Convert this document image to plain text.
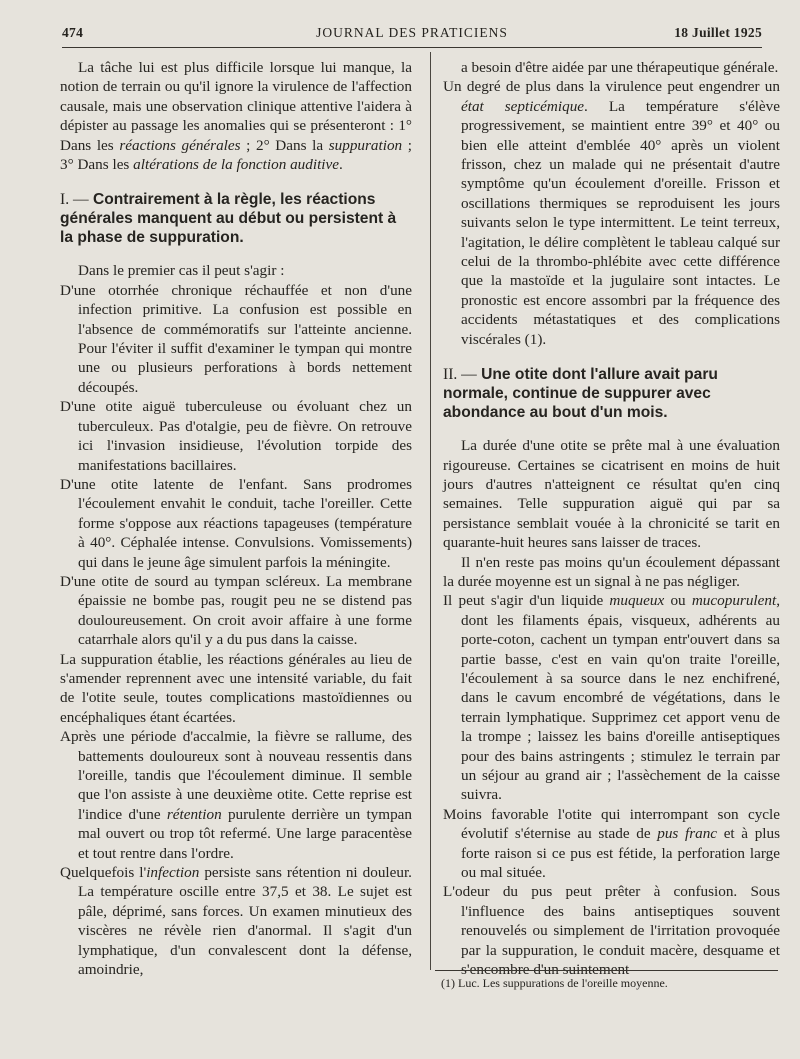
474	JOURNAL DES PRATICIENS	18 Juillet 1925

La tâche lui est plus difficile lorsque lui manque, la notion de terrain ou qu'il ignore la virulence de l'affection causale, mais une observation clinique attentive l'aidera à dépister au passage les anomalies qui se présenteront : 1° Dans les réactions générales ; 2° Dans la suppuration ; 3° Dans les altérations de la fonction auditive.

I. — Contrairement à la règle, les réactions générales manquent au début ou persistent à la phase de suppuration.

Dans le premier cas il peut s'agir :

D'une otorrhée chronique réchauffée et non d'une infection primitive. La confusion est possible en l'absence de commémoratifs sur l'atteinte ancienne. Pour l'éviter il suffit d'examiner le tympan qui montre une ou plusieurs perforations à bords nettement découpés.

D'une otite aiguë tuberculeuse ou évoluant chez un tuberculeux. Pas d'otalgie, peu de fièvre. On retrouve ici l'invasion insidieuse, l'évolution torpide des manifestations bacillaires.

D'une otite latente de l'enfant. Sans prodromes l'écoulement envahit le conduit, tache l'oreiller. Cette forme s'oppose aux réactions tapageuses (température à 40°. Céphalée intense. Convulsions. Vomissements) qui dans le jeune âge simulent parfois la méningite.

D'une otite de sourd au tympan scléreux. La membrane épaissie ne bombe pas, rougit peu ne se distend pas douloureusement. On croit avoir affaire à une forme catarrhale alors qu'il y a du pus dans la caisse.

La suppuration établie, les réactions générales au lieu de s'amender reprennent avec une intensité variable, du fait de l'otite seule, toutes complications mastoïdiennes ou encéphaliques étant écartées.

Après une période d'accalmie, la fièvre se rallume, des battements douloureux sont à nouveau ressentis dans l'oreille, tandis que l'écoulement diminue. Il semble que l'on assiste à une deuxième otite. Cette reprise est l'indice d'une rétention purulente derrière un tympan mal ouvert ou trop tôt refermé. Une large paracentèse et tout rentre dans l'ordre.

Quelquefois l'infection persiste sans rétention ni douleur. La température oscille entre 37,5 et 38. Le sujet est pâle, déprimé, sans forces. Un examen minutieux des viscères ne révèle rien d'anormal. Il s'agit d'un lymphatique, d'un convalescent dont la défense, amoindrie,

a besoin d'être aidée par une thérapeutique générale.

Un degré de plus dans la virulence peut engendrer un état septicémique. La température s'élève progressivement, se maintient entre 39° et 40° ou bien elle atteint d'emblée 40° après un violent frisson, chez un malade qui ne présentait d'autre symptôme qu'un écoulement d'oreille. Frisson et oscillations thermiques se reproduisent les jours suivants selon le type intermittent. Le teint terreux, l'agitation, le délire complètent le tableau calqué sur celui de la thrombo-phlébite avec cette différence que la mastoïde et la jugulaire sont intactes. Le pronostic est encore assombri par la fréquence des accidents métastatiques et des complications viscérales (1).

II. — Une otite dont l'allure avait paru normale, continue de suppurer avec abondance au bout d'un mois.

La durée d'une otite se prête mal à une évaluation rigoureuse. Certaines se cicatrisent en moins de huit jours d'autres n'atteignent ce résultat qu'en cinq semaines. Telle suppuration aiguë qui par sa persistance semblait vouée à la chronicité se tarit en quarante-huit heures sans laisser de traces.

Il n'en reste pas moins qu'un écoulement dépassant la durée moyenne est un signal à ne pas négliger.

Il peut s'agir d'un liquide muqueux ou mucopurulent, dont les filaments épais, visqueux, adhérents au porte-coton, cachent un tympan entr'ouvert dans sa partie basse, c'est en vain qu'on traite l'oreille, l'écoulement à sa source dans le nez enchifrené, dans le cavum encombré de végétations, dans le terrain lymphatique. Supprimez cet apport venu de la trompe ; laissez les bains d'oreille antiseptiques pour des bains astringents ; stimulez le terrain par un séjour au grand air ; l'assèchement de la caisse suivra.

Moins favorable l'otite qui interrompant son cycle évolutif s'éternise au stade de pus franc et à plus forte raison si ce pus est fétide, la perforation large ou mal située.

L'odeur du pus peut prêter à confusion. Sous l'influence des bains antiseptiques souvent renouvelés ou simplement de l'irritation provoquée par la suppuration, le conduit macère, desquame et s'encombre d'un suintement

(1) Luc. Les suppurations de l'oreille moyenne.
